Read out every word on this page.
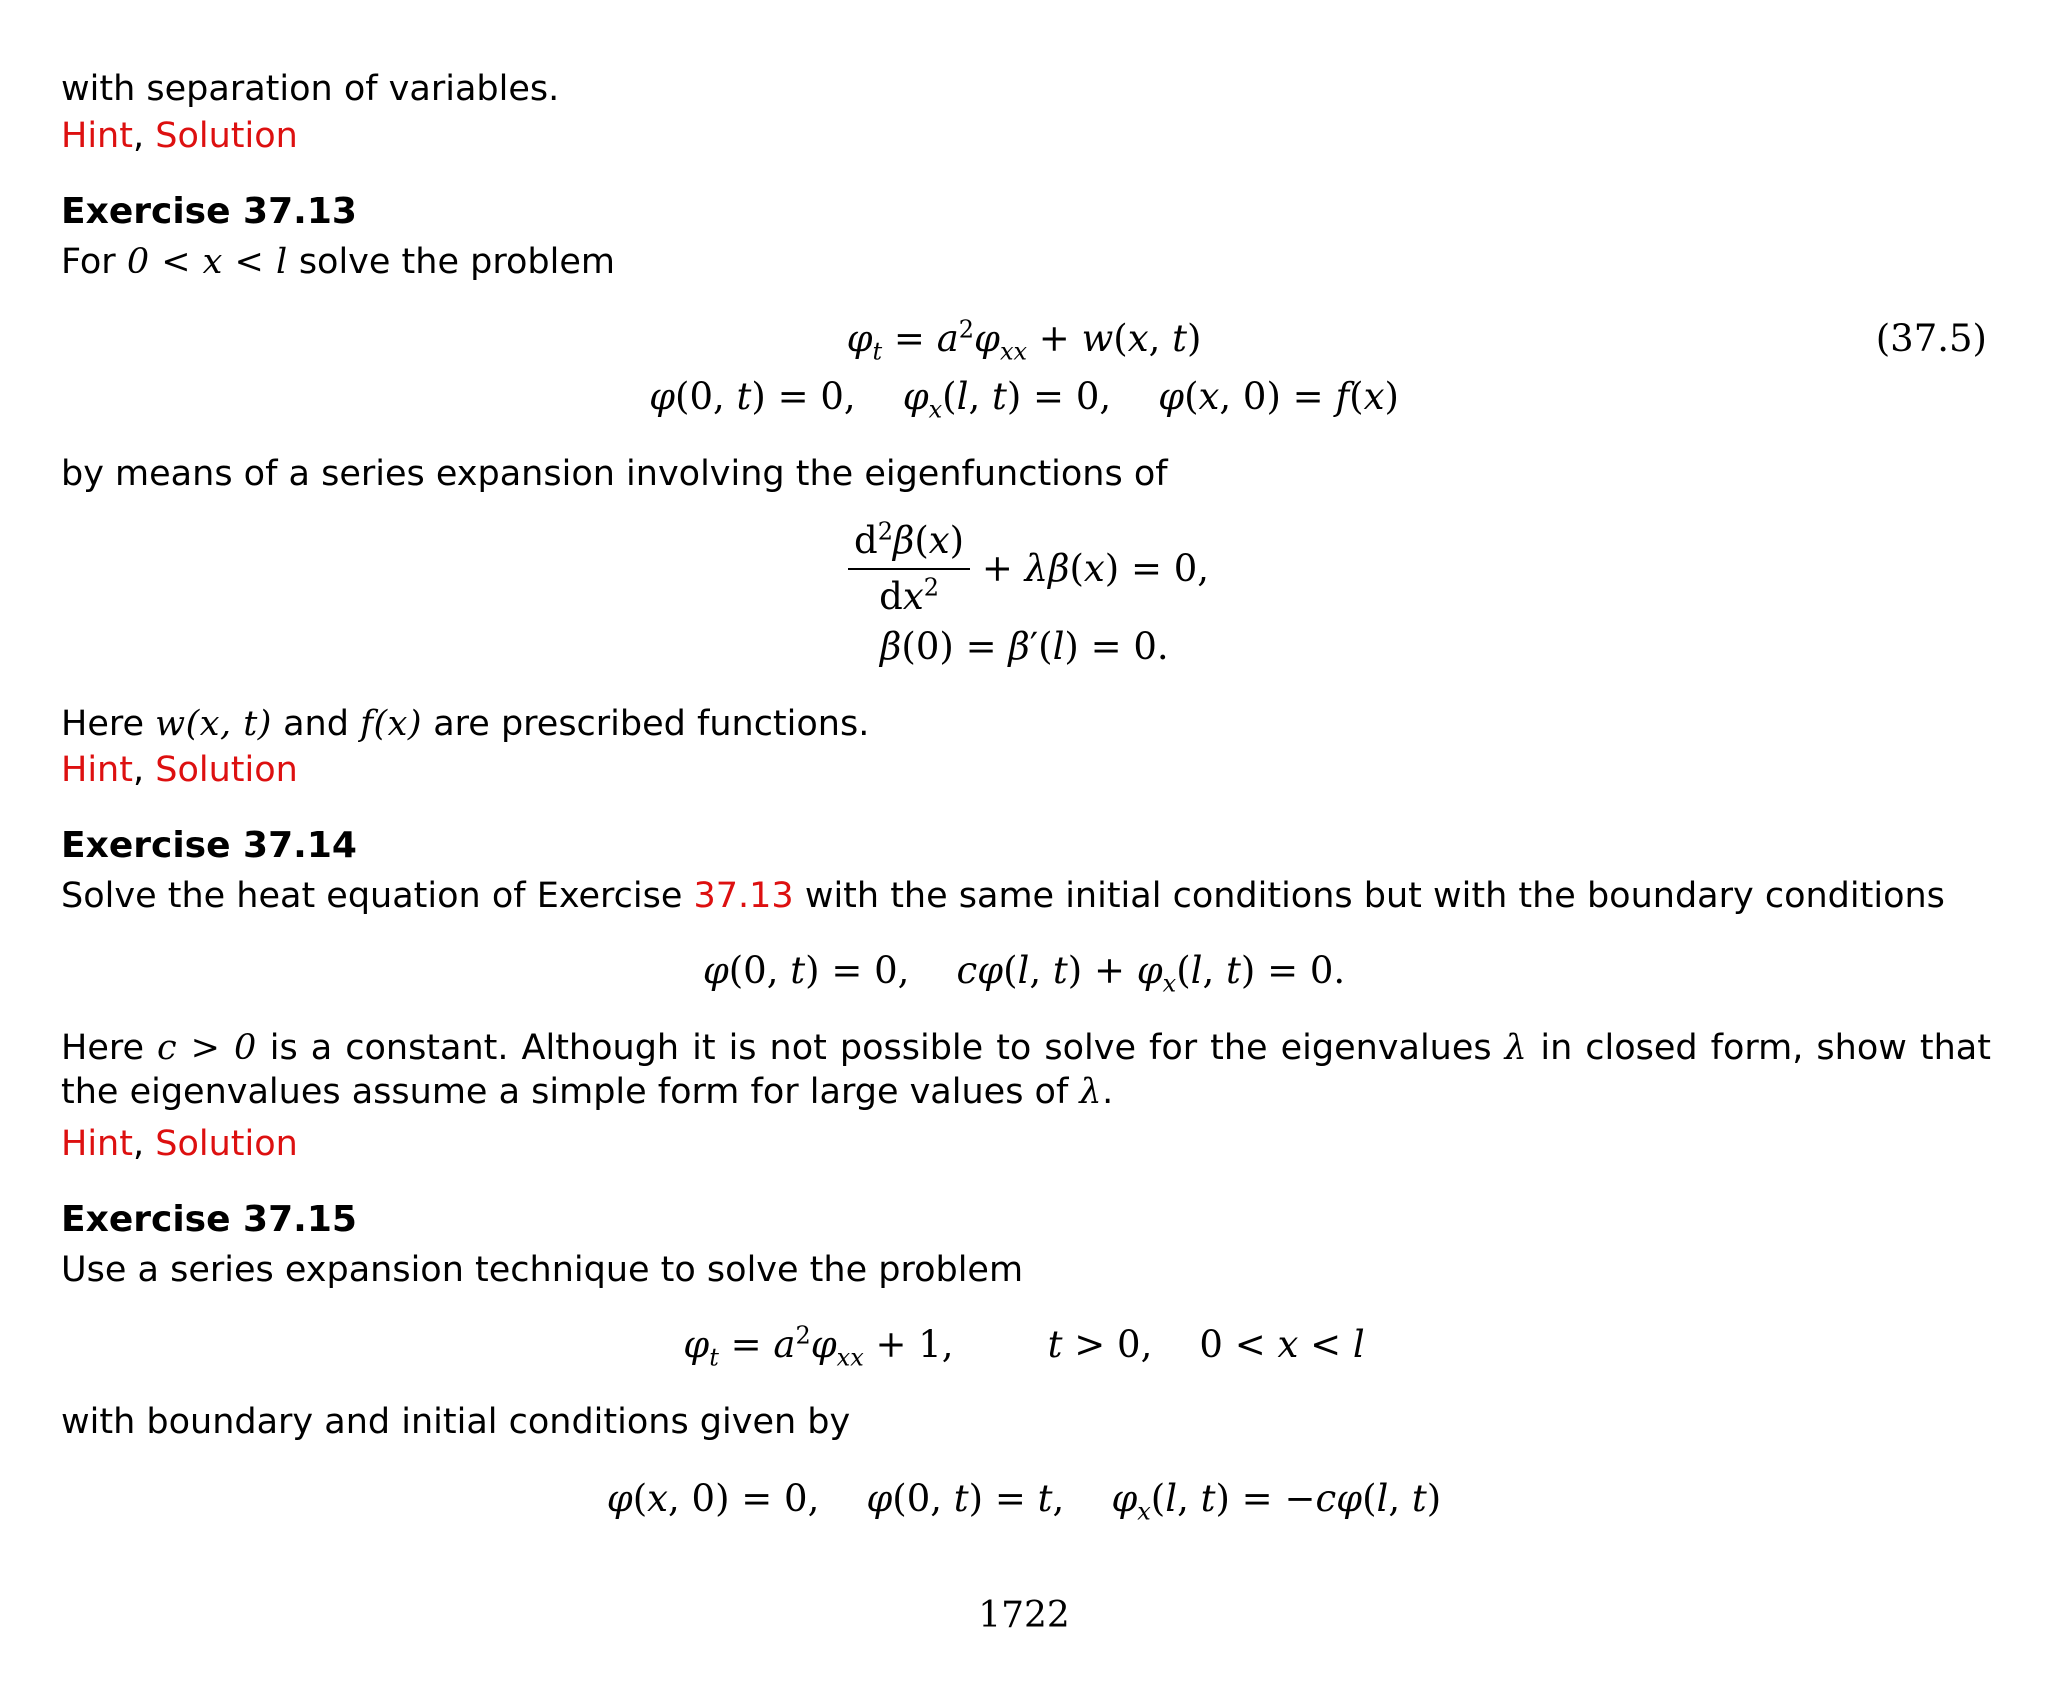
with separation of variables.
Hint, Solution
Exercise 37.13
For 0 < x < l solve the problem
$\varphi_t = a^2\varphi_{xx} + w(x$, t)	(37.5)
φ(0, t) = 0,    $\varphi_x(l$, t) = 0,    φ(x, 0) = f(x)
by means of a series expansion involving the eigenfunctions of
$\frac{d^2\beta(x)}{dx^2} + \lambda\beta(x) = 0$,
β(0) = β′(l) = 0.
Here w(x, t) and f(x) are prescribed functions.
Hint, Solution
Exercise 37.14
Solve the heat equation of Exercise 37.13 with the same initial conditions but with the boundary conditions
φ(0, t) = 0,    cφ(l, $t) + \varphi_x(l$, t) = 0.
Here c > 0 is a constant. Although it is not possible to solve for the eigenvalues λ in closed form, show that the eigenvalues assume a simple form for large values of λ.
Hint, Solution
Exercise 37.15
Use a series expansion technique to solve the problem
$\varphi_t = a^2\varphi_{xx} + 1$,        t > 0,    0 < x < l
with boundary and initial conditions given by
φ(x, 0) = 0,    φ(0, t) = t,    $\varphi_x(l$, t) = −cφ(l, t)
1722
